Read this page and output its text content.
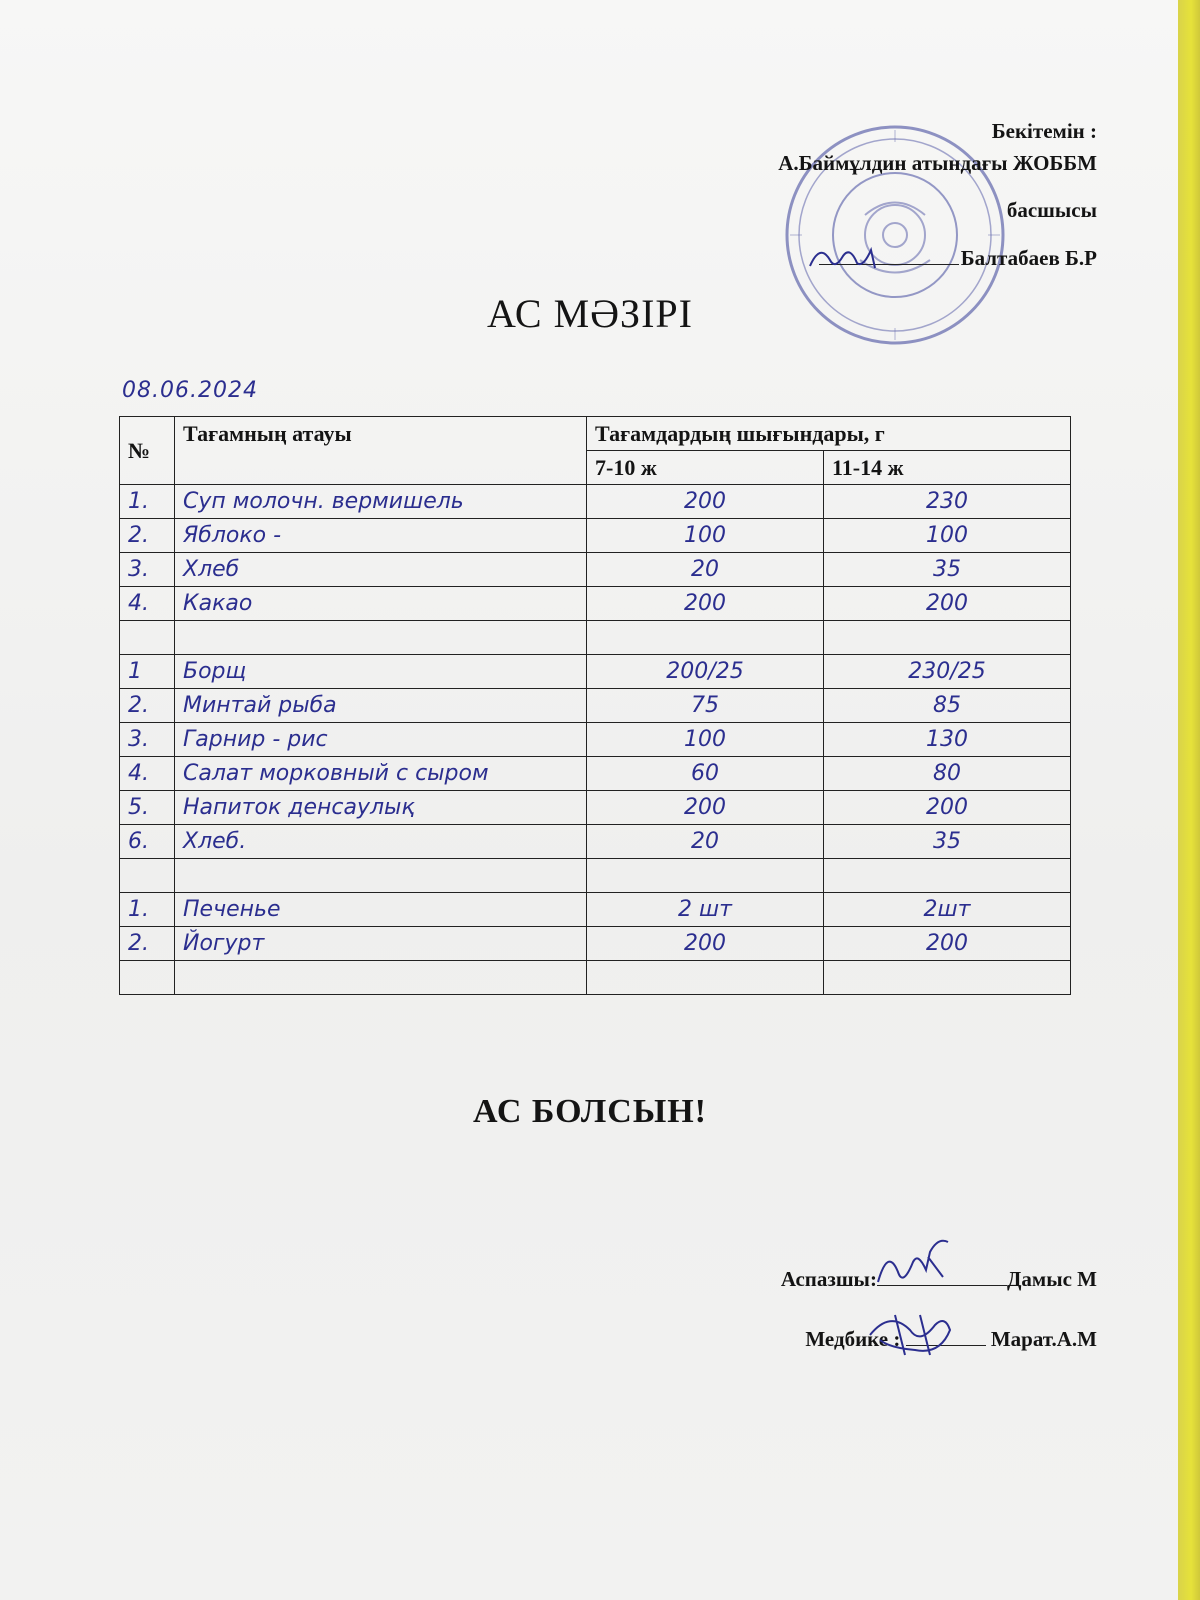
Бекітемін :
А.Баймұлдин атындағы ЖОББМ
басшысы
Балтабаев Б.Р
АС МӘЗІРІ
08.06.2024
№	Тағамның атауы	Тағамдардың шығындары, г	
		7-10 ж	11-14 ж
1.	Суп молочн. вермишель	200	230
2.	Яблоко -	100	100
3.	Хлеб	20	35
4.	Какао	200	200

1	Борщ	200/25	230/25
2.	Минтай рыба	75	85
3.	Гарнир - рис	100	130
4.	Салат морковный с сыром	60	80
5.	Напиток денсаулық	200	200
6.	Хлеб.	20	35

1.	Печенье	2 шт	2шт
2.	Йогурт	200	200

АС БОЛСЫН!
Аспазшы:	Дамыс М
Медбике :	Марат.А.М
